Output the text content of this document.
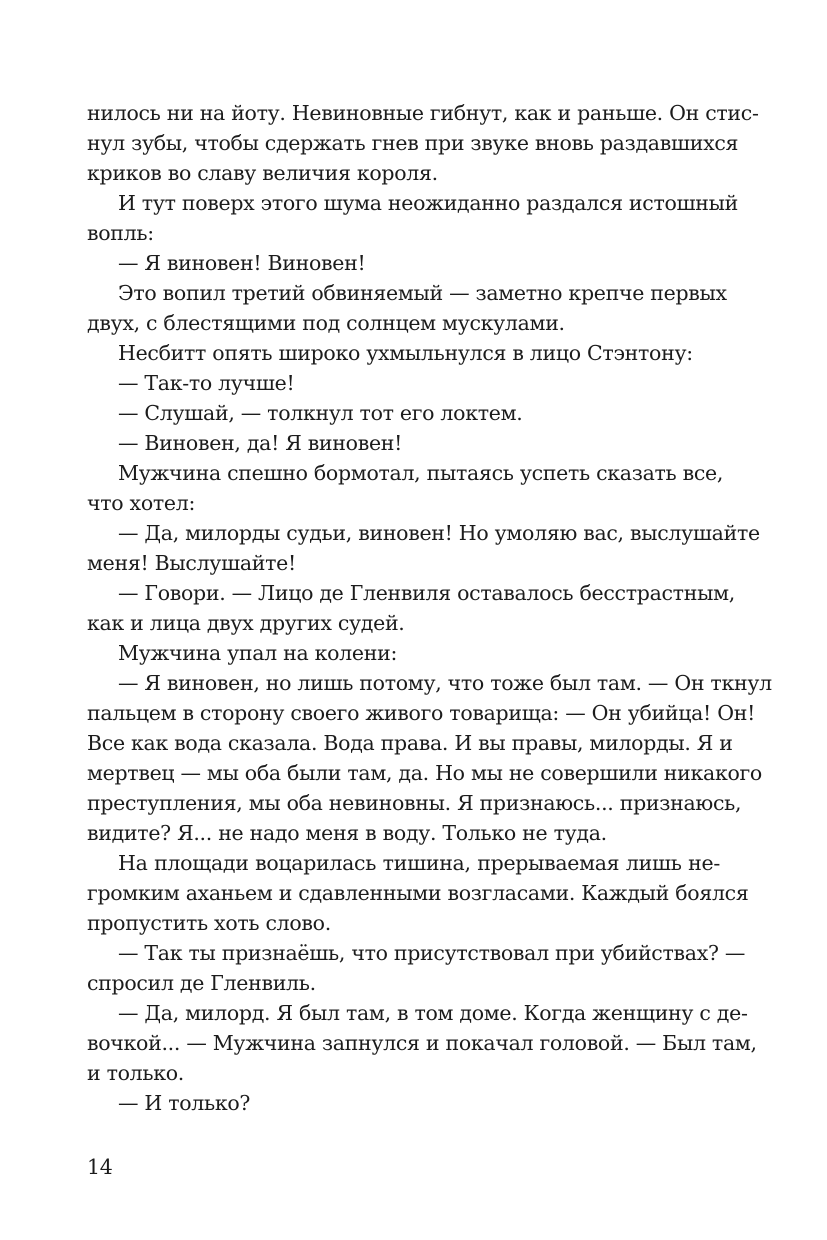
нилось ни на йоту. Невиновные гибнут, как и раньше. Он стис-
нул зубы, чтобы сдержать гнев при звуке вновь раздавшихся
криков во славу величия короля.
И тут поверх этого шума неожиданно раздался истошный
вопль:
— Я виновен! Виновен!
Это вопил третий обвиняемый — заметно крепче первых
двух, с блестящими под солнцем мускулами.
Несбитт опять широко ухмыльнулся в лицо Стэнтону:
— Так-то лучше!
— Слушай, — толкнул тот его локтем.
— Виновен, да! Я виновен!
Мужчина спешно бормотал, пытаясь успеть сказать все,
что хотел:
— Да, милорды судьи, виновен! Но умоляю вас, выслушайте
меня! Выслушайте!
— Говори. — Лицо де Гленвиля оставалось бесстрастным,
как и лица двух других судей.
Мужчина упал на колени:
— Я виновен, но лишь потому, что тоже был там. — Он ткнул
пальцем в сторону своего живого товарища: — Он убийца! Он!
Все как вода сказала. Вода права. И вы правы, милорды. Я и
мертвец — мы оба были там, да. Но мы не совершили никакого
преступления, мы оба невиновны. Я признаюсь... признаюсь,
видите? Я... не надо меня в воду. Только не туда.
На площади воцарилась тишина, прерываемая лишь не-
громким аханьем и сдавленными возгласами. Каждый боялся
пропустить хоть слово.
— Так ты признаёшь, что присутствовал при убийствах? —
спросил де Гленвиль.
— Да, милорд. Я был там, в том доме. Когда женщину с де-
вочкой... — Мужчина запнулся и покачал головой. — Был там,
и только.
— И только?
14
